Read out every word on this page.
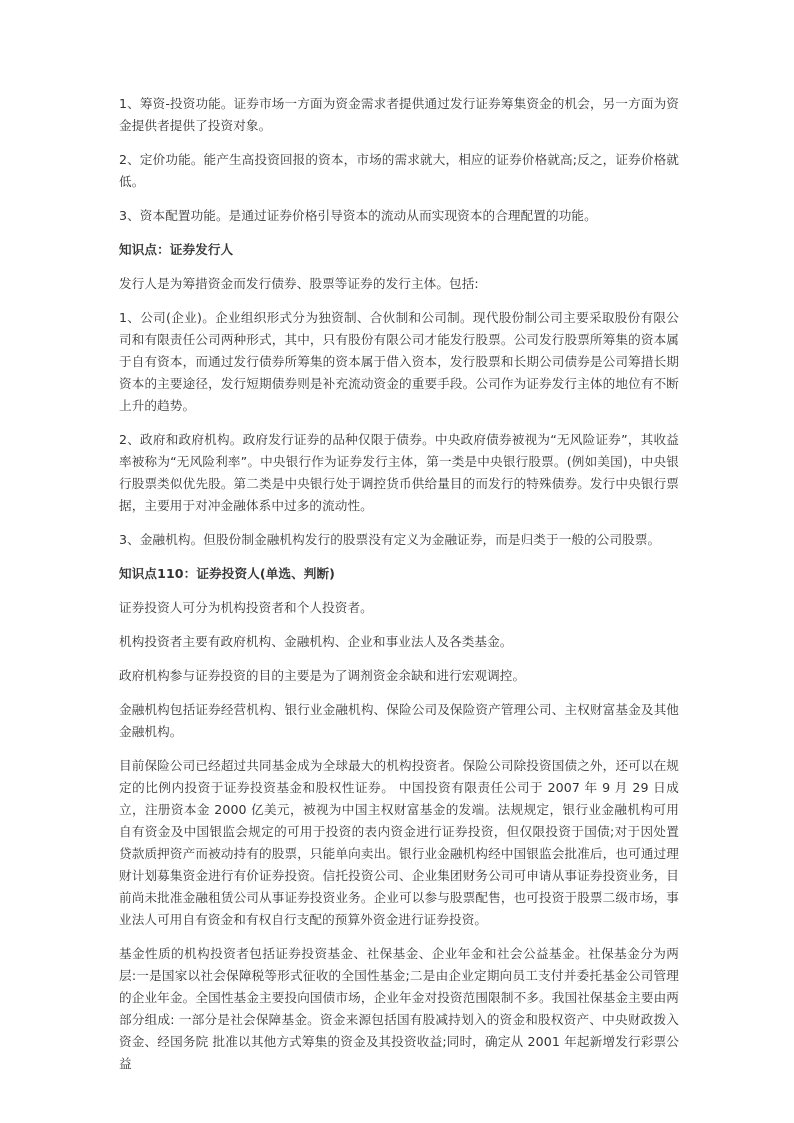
1、筹资-投资功能。证券市场一方面为资金需求者提供通过发行证券筹集资金的机会，另一方面为资金提供者提供了投资对象。

2、定价功能。能产生高投资回报的资本，市场的需求就大，相应的证券价格就高;反之，证券价格就低。

3、资本配置功能。是通过证券价格引导资本的流动从而实现资本的合理配置的功能。

知识点：证券发行人

发行人是为筹措资金而发行债券、股票等证券的发行主体。包括:

1、公司(企业)。企业组织形式分为独资制、合伙制和公司制。现代股份制公司主要采取股份有限公司和有限责任公司两种形式，其中，只有股份有限公司才能发行股票。公司发行股票所筹集的资本属于自有资本，而通过发行债券所筹集的资本属于借入资本，发行股票和长期公司债券是公司筹措长期资本的主要途径，发行短期债券则是补充流动资金的重要手段。公司作为证券发行主体的地位有不断上升的趋势。

2、政府和政府机构。政府发行证券的品种仅限于债券。中央政府债券被视为“无风险证券”，其收益率被称为“无风险利率”。中央银行作为证券发行主体，第一类是中央银行股票。(例如美国)，中央银行股票类似优先股。第二类是中央银行处于调控货币供给量目的而发行的特殊债券。发行中央银行票据，主要用于对冲金融体系中过多的流动性。

3、金融机构。但股份制金融机构发行的股票没有定义为金融证券，而是归类于一般的公司股票。

知识点110：证券投资人(单选、判断)

证券投资人可分为机构投资者和个人投资者。

机构投资者主要有政府机构、金融机构、企业和事业法人及各类基金。

政府机构参与证券投资的目的主要是为了调剂资金余缺和进行宏观调控。

金融机构包括证券经营机构、银行业金融机构、保险公司及保险资产管理公司、主权财富基金及其他金融机构。

目前保险公司已经超过共同基金成为全球最大的机构投资者。保险公司除投资国债之外，还可以在规定的比例内投资于证券投资基金和股权性证券。 中国投资有限责任公司于 2007 年 9 月 29 日成立，注册资本金 2000 亿美元，被视为中国主权财富基金的发端。法规规定，银行业金融机构可用自有资金及中国银监会规定的可用于投资的表内资金进行证券投资，但仅限投资于国债;对于因处置贷款质押资产而被动持有的股票，只能单向卖出。银行业金融机构经中国银监会批准后，也可通过理财计划募集资金进行有价证券投资。信托投资公司、企业集团财务公司可申请从事证券投资业务，目前尚未批准金融租赁公司从事证券投资业务。企业可以参与股票配售，也可投资于股票二级市场，事业法人可用自有资金和有权自行支配的预算外资金进行证券投资。

基金性质的机构投资者包括证券投资基金、社保基金、企业年金和社会公益基金。社保基金分为两层:一是国家以社会保障税等形式征收的全国性基金;二是由企业定期向员工支付并委托基金公司管理的企业年金。全国性基金主要投向国债市场，企业年金对投资范围限制不多。我国社保基金主要由两部分组成: 一部分是社会保障基金。资金来源包括国有股减持划入的资金和股权资产、中央财政拨入资金、经国务院 批准以其他方式筹集的资金及其投资收益;同时，确定从 2001 年起新增发行彩票公益
